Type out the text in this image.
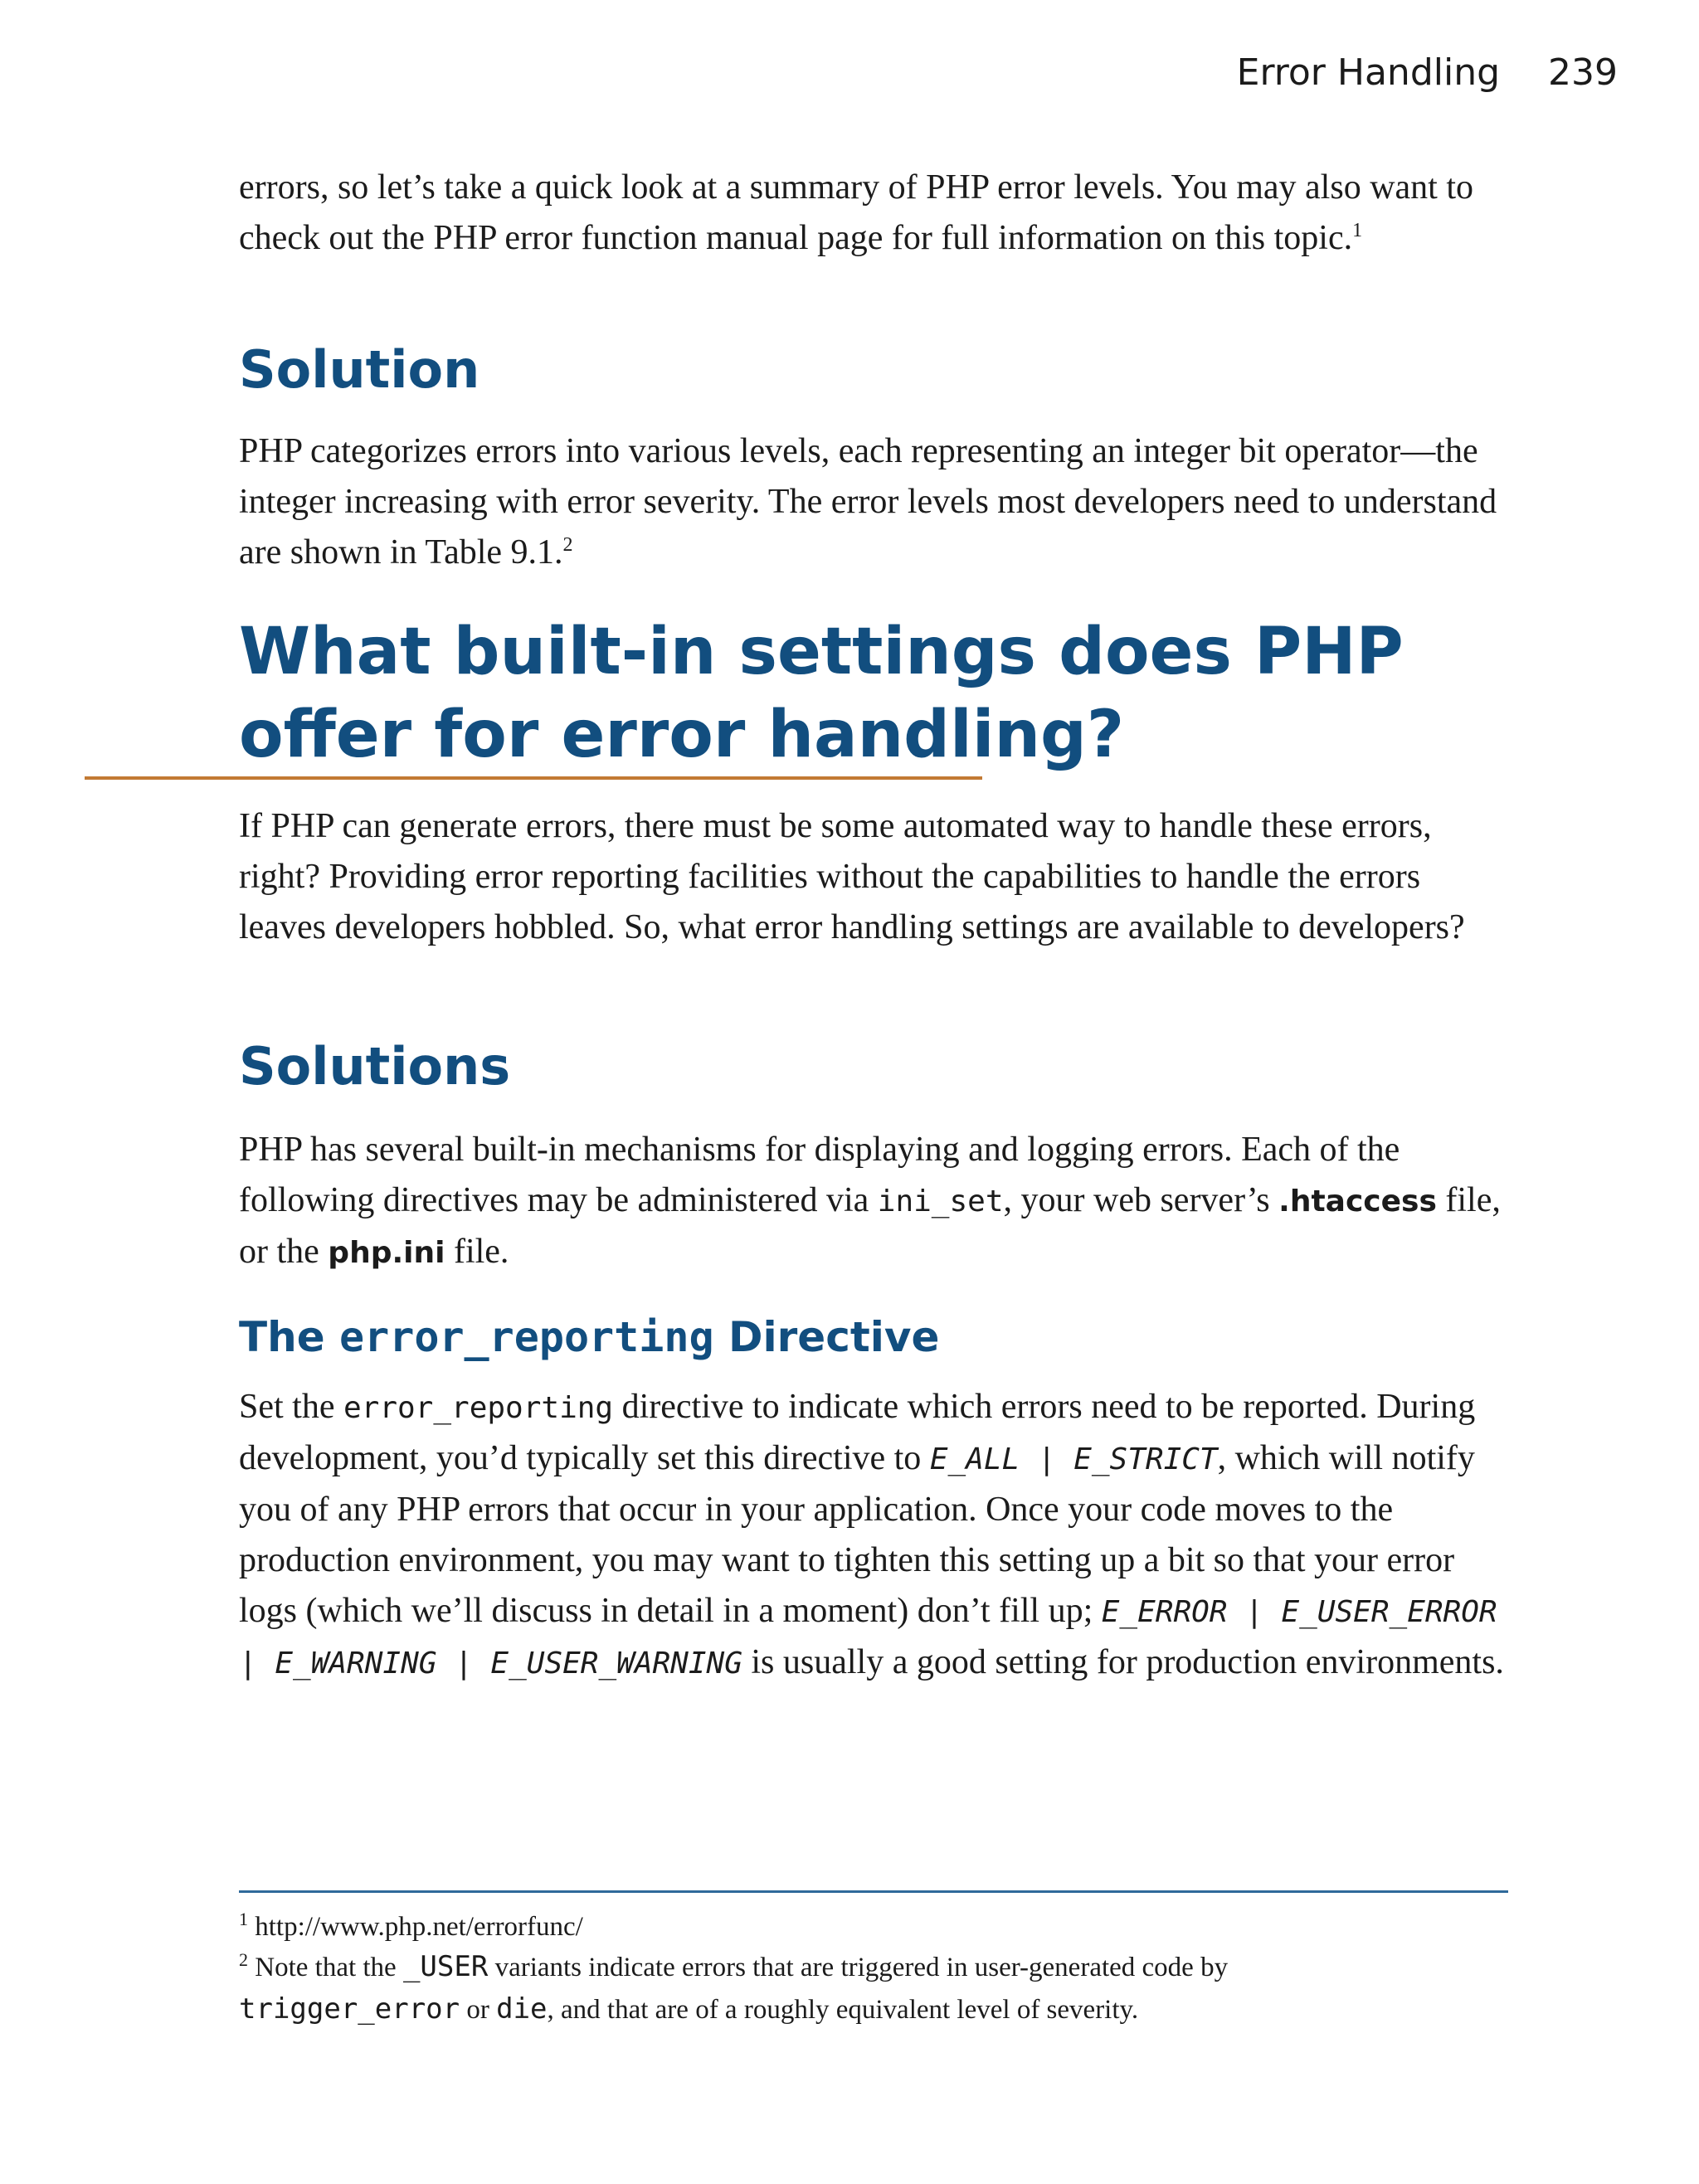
Error Handling 239

errors, so let’s take a quick look at a summary of PHP error levels. You may also want to check out the PHP error function manual page for full information on this topic.$^1$

Solution

PHP categorizes errors into various levels, each representing an integer bit operator—the integer increasing with error severity. The error levels most developers need to understand are shown in Table 9.1.$^2$

What built-in settings does PHP
offer for error handling?

If PHP can generate errors, there must be some automated way to handle these errors, right? Providing error reporting facilities without the capabilities to handle the errors leaves developers hobbled. So, what error handling settings are available to developers?

Solutions

PHP has several built-in mechanisms for displaying and logging errors. Each of the following directives may be administered via ini_set, your web server’s .htaccess file, or the php.ini file.

The error_reporting Directive

Set the error_reporting directive to indicate which errors need to be reported. During development, you’d typically set this directive to E_ALL | E_STRICT, which will notify you of any PHP errors that occur in your application. Once your code moves to the production environment, you may want to tighten this setting up a bit so that your error logs (which we’ll discuss in detail in a moment) don’t fill up; E_ERROR | E_USER_ERROR | E_WARNING | E_USER_WARNING is usually a good setting for production environments.

$^1$ http://www.php.net/errorfunc/
$^2$ Note that the _USER variants indicate errors that are triggered in user-generated code by
trigger_error or die, and that are of a roughly equivalent level of severity.
